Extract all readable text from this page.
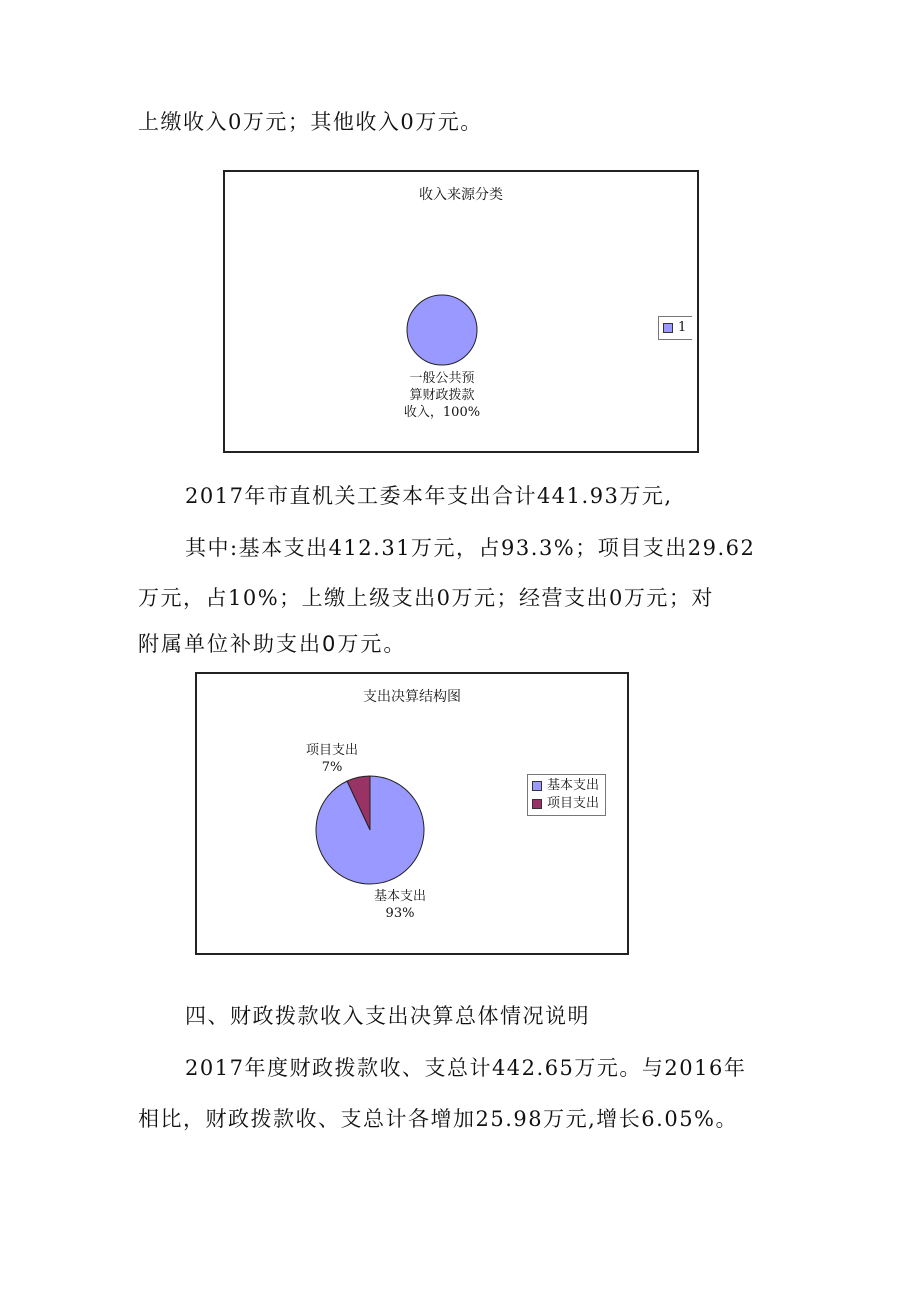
上缴收入0万元；其他收入0万元。
收入来源分类
一般公共预
算财政拨款
收入，100%
1
2017年市直机关工委本年支出合计441.93万元,
其中:基本支出412.31万元，占93.3%；项目支出29.62
万元，占10%；上缴上级支出0万元；经营支出0万元；对
附属单位补助支出0万元。
支出决算结构图
项目支出
7%
基本支出
93%
基本支出
项目支出
四、财政拨款收入支出决算总体情况说明
2017年度财政拨款收、支总计442.65万元。与2016年
相比，财政拨款收、支总计各增加25.98万元,增长6.05%。
